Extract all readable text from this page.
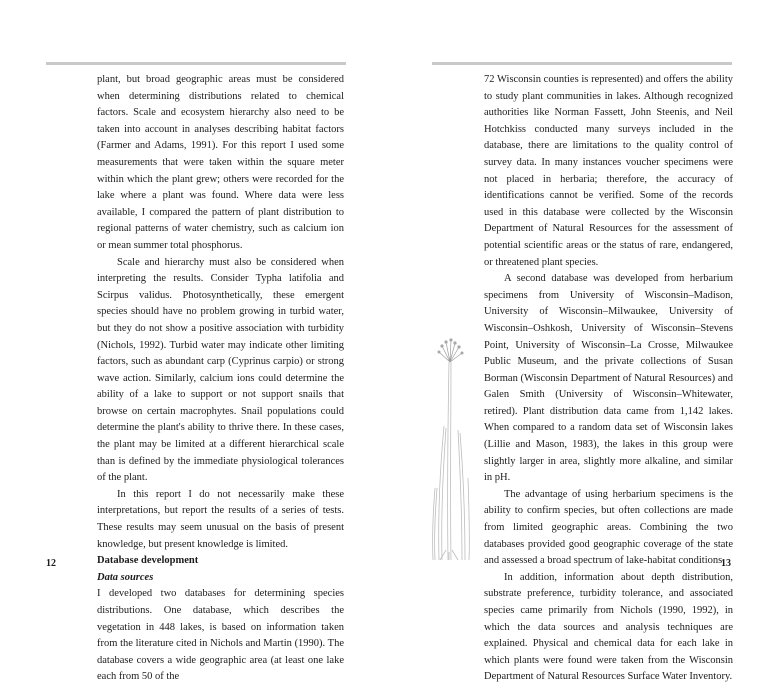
plant, but broad geographic areas must be considered when determining distributions related to chemical factors. Scale and ecosystem hierarchy also need to be taken into account in analyses describing habitat factors (Farmer and Adams, 1991). For this report I used some measurements that were taken within the square meter within which the plant grew; others were recorded for the lake where a plant was found. Where data were less available, I compared the pattern of plant distribution to regional patterns of water chemistry, such as calcium ion or mean summer total phosphorus.

Scale and hierarchy must also be considered when interpreting the results. Consider Typha latifolia and Scirpus validus. Photosynthetically, these emergent species should have no problem growing in turbid water, but they do not show a positive association with turbidity (Nichols, 1992). Turbid water may indicate other limiting factors, such as abundant carp (Cyprinus carpio) or strong wave action. Similarly, calcium ions could determine the ability of a lake to support or not support snails that browse on certain macrophytes. Snail populations could determine the plant's ability to thrive there. In these cases, the plant may be limited at a different hierarchical scale than is defined by the immediate physiological tolerances of the plant.

In this report I do not necessarily make these interpretations, but report the results of a series of tests. These results may seem unusual on the basis of present knowledge, but present knowledge is limited.

Database development

Data sources

I developed two databases for determining species distributions. One database, which describes the vegetation in 448 lakes, is based on information taken from the literature cited in Nichols and Martin (1990). The database covers a wide geographic area (at least one lake each from 50 of the

72 Wisconsin counties is represented) and offers the ability to study plant communities in lakes. Although recognized authorities like Norman Fassett, John Steenis, and Neil Hotchkiss conducted many surveys included in the database, there are limitations to the quality control of survey data. In many instances voucher specimens were not placed in herbaria; therefore, the accuracy of identifications cannot be verified. Some of the records used in this database were collected by the Wisconsin Department of Natural Resources for the assessment of potential scientific areas or the status of rare, endangered, or threatened plant species.

A second database was developed from herbarium specimens from University of Wisconsin–Madison, University of Wisconsin–Milwaukee, University of Wisconsin–Oshkosh, University of Wisconsin–Stevens Point, University of Wisconsin–La Crosse, Milwaukee Public Museum, and the private collections of Susan Borman (Wisconsin Department of Natural Resources) and Galen Smith (University of Wisconsin–Whitewater, retired). Plant distribution data came from 1,142 lakes. When compared to a random data set of Wisconsin lakes (Lillie and Mason, 1983), the lakes in this group were slightly larger in area, slightly more alkaline, and similar in pH.

The advantage of using herbarium specimens is the ability to confirm species, but often collections are made from limited geographic areas. Combining the two databases provided good geographic coverage of the state and assessed a broad spectrum of lake-habitat conditions.

In addition, information about depth distribution, substrate preference, turbidity tolerance, and associated species came primarily from Nichols (1990, 1992), in which the data sources and analysis techniques are explained. Physical and chemical data for each lake in which plants were found were taken from the Wisconsin Department of Natural Resources Surface Water Inventory.

12	13
